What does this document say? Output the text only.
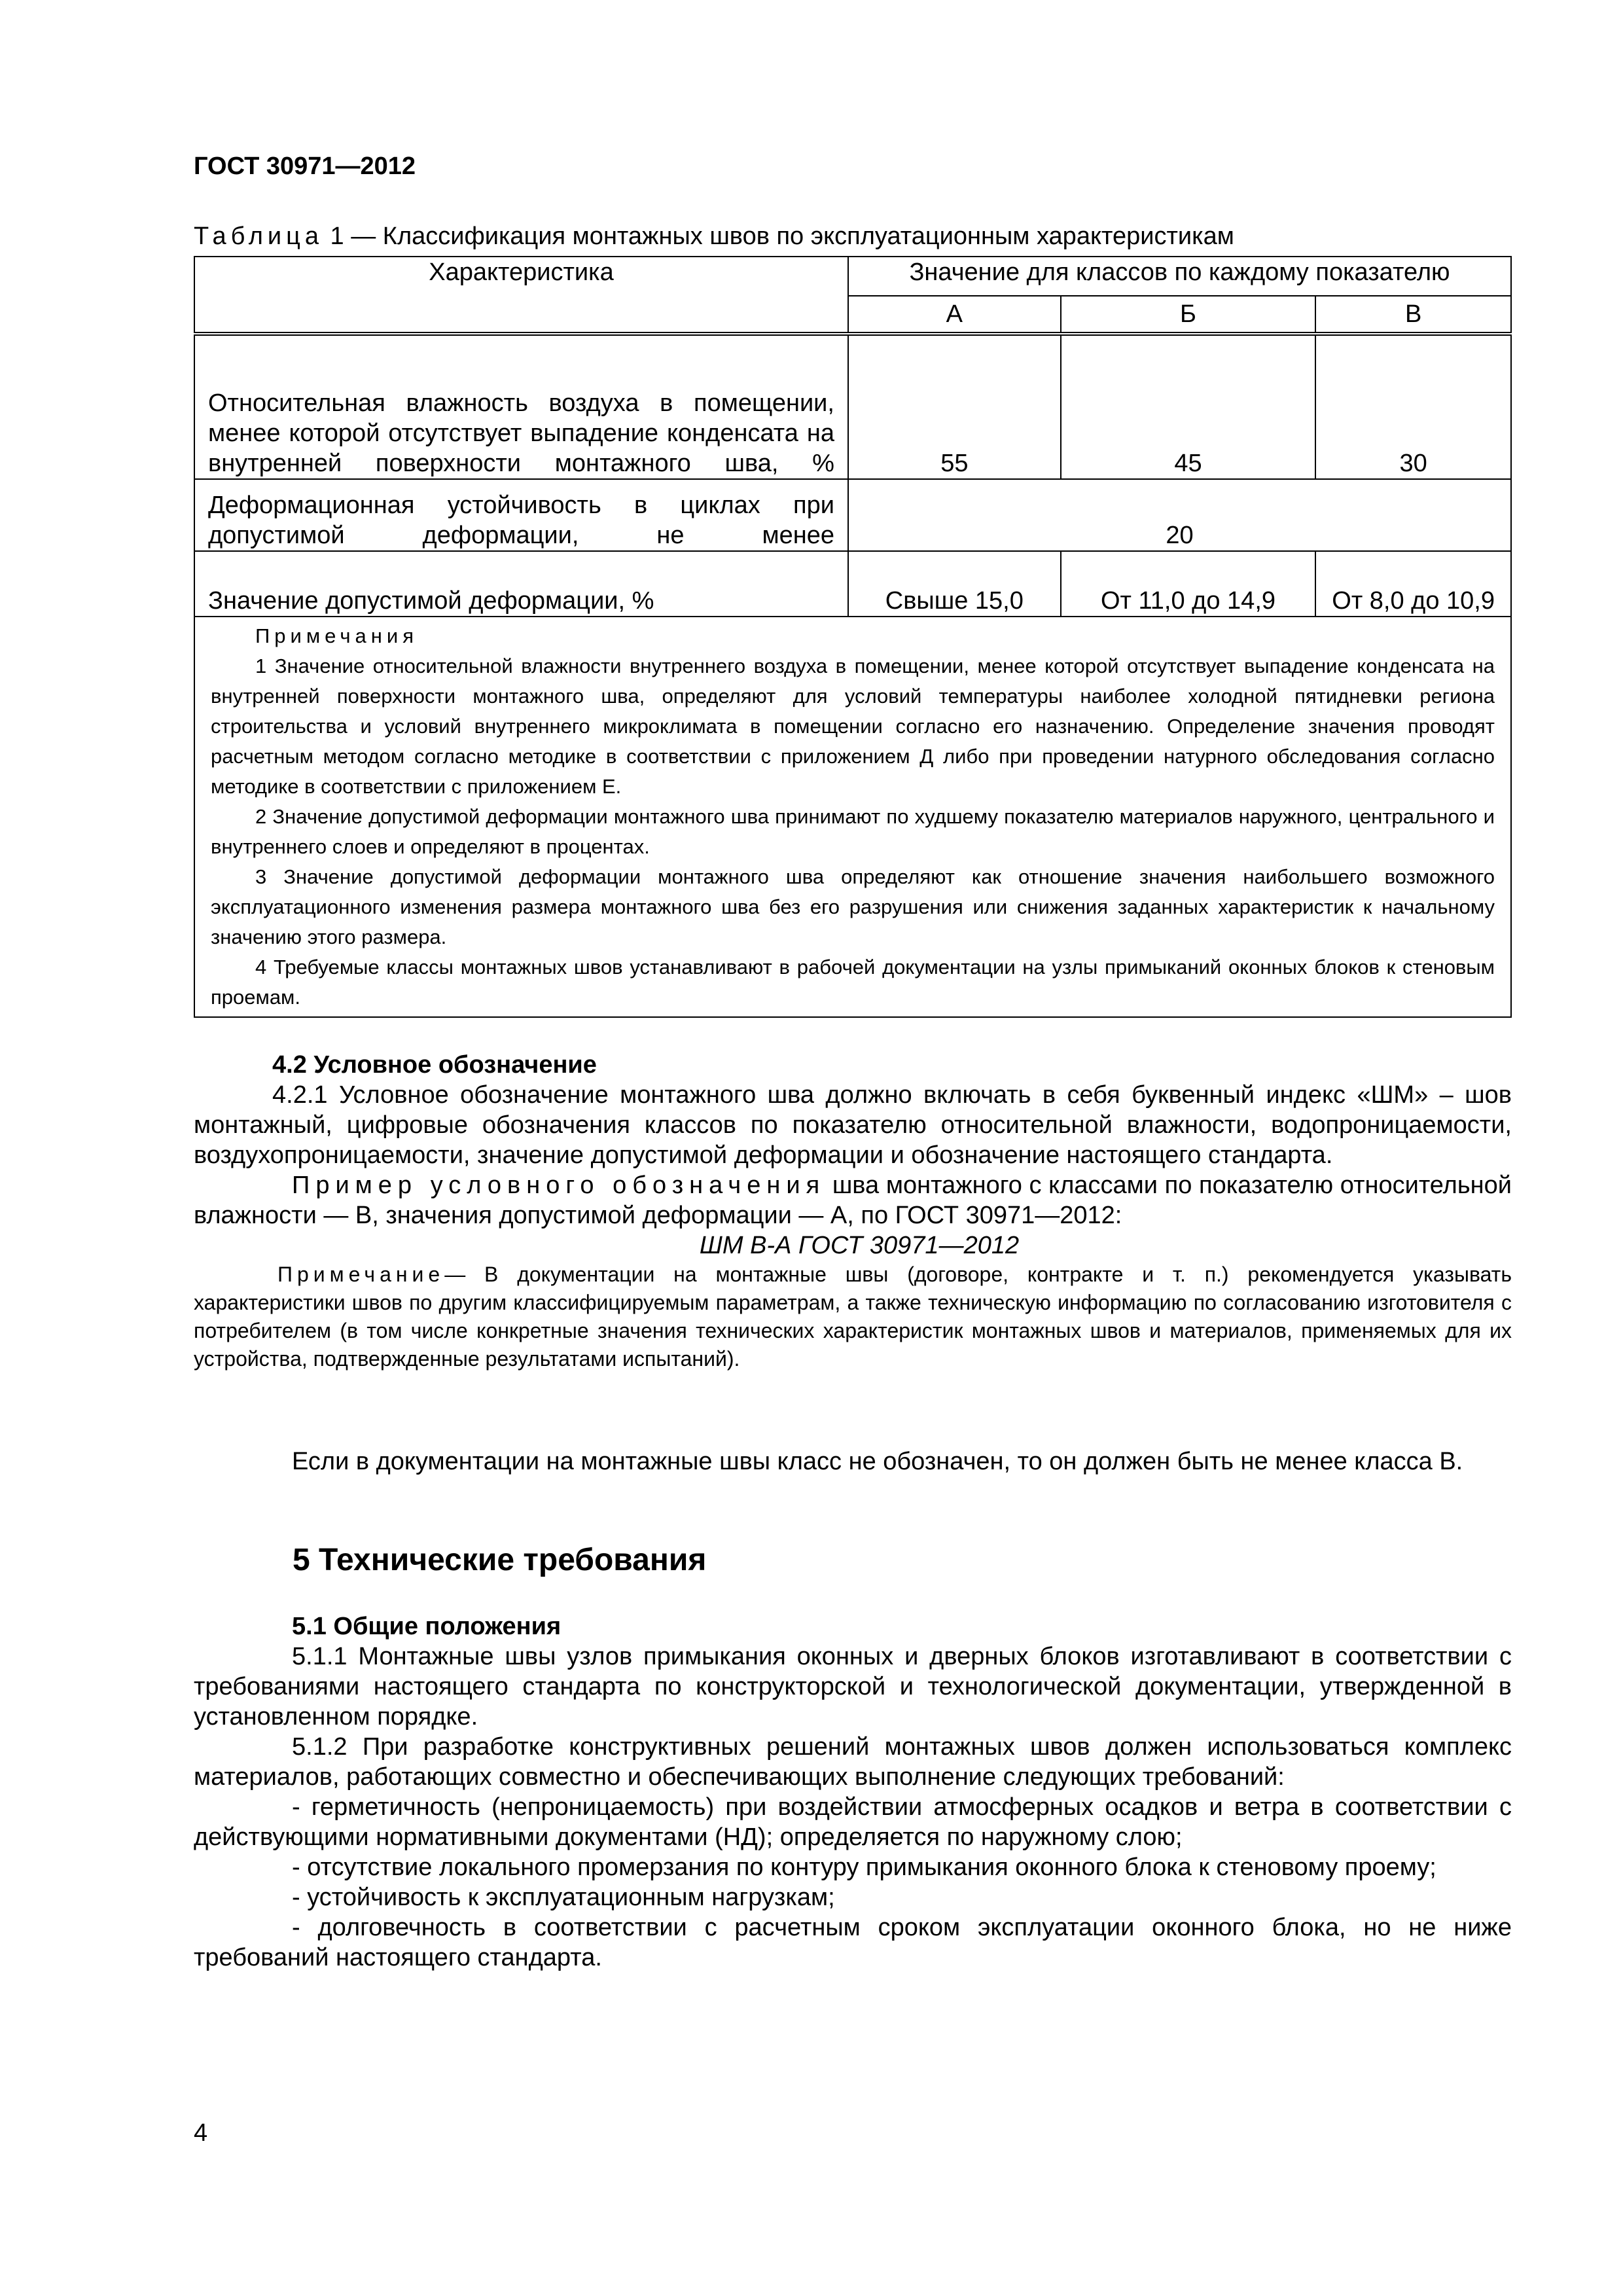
ГОСТ 30971—2012
Таблица 1 — Классификация монтажных швов по эксплуатационным характеристикам
Характеристика	Значение для классов по каждому показателю		
	А	Б	В
Относительная влажность воздуха в помещении, менее которой отсутствует выпадение конденсата на внутренней поверхности монтажного шва, %	55	45	30
Деформационная устойчивость в циклах при допустимой деформации, не менее	20		
Значение допустимой деформации, %	Свыше 15,0	От 11,0 до 14,9	От 8,0 до 10,9

Примечания

1 Значение относительной влажности внутреннего воздуха в помещении, менее которой отсутствует выпадение конденсата на внутренней поверхности монтажного шва, определяют для условий температуры наиболее холодной пятидневки региона строительства и условий внутреннего микроклимата в помещении согласно его назначению. Определение значения проводят расчетным методом согласно методике в соответствии с приложением Д либо при проведении натурного обследования согласно методике в соответствии с приложением Е.

2 Значение допустимой деформации монтажного шва принимают по худшему показателю материалов наружного, центрального и внутреннего слоев и определяют в процентах.

3 Значение допустимой деформации монтажного шва определяют как отношение значения наибольшего возможного эксплуатационного изменения размера монтажного шва без его разрушения или снижения заданных характеристик к начальному значению этого размера.

4 Требуемые классы монтажных швов устанавливают в рабочей документации на узлы примыканий оконных блоков к стеновым проемам.			

4.2 Условное обозначение

4.2.1 Условное обозначение монтажного шва должно включать в себя буквенный индекс «ШМ» – шов монтажный, цифровые обозначения классов по показателю относительной влажности, водопроницаемости, воздухопроницаемости, значение допустимой деформации и обозначение настоящего стандарта.

Пример условного обозначения шва монтажного с классами по показателю относительной влажности — В, значения допустимой деформации — А, по ГОСТ 30971—2012:

ШМ В-А ГОСТ 30971—2012

Примечание— В документации на монтажные швы (договоре, контракте и т. п.) рекомендуется указывать характеристики швов по другим классифицируемым параметрам, а также техническую информацию по согласованию изготовителя с потребителем (в том числе конкретные значения технических характеристик монтажных швов и материалов, применяемых для их устройства, подтвержденные результатами испытаний).

Если в документации на монтажные швы класс не обозначен, то он должен быть не менее класса В.

5 Технические требования

5.1 Общие положения

5.1.1 Монтажные швы узлов примыкания оконных и дверных блоков изготавливают в соответствии с требованиями настоящего стандарта по конструкторской и технологической документации, утвержденной в установленном порядке.

5.1.2 При разработке конструктивных решений монтажных швов должен использоваться комплекс материалов, работающих совместно и обеспечивающих выполнение следующих требований:

- герметичность (непроницаемость) при воздействии атмосферных осадков и ветра в соответствии с действующими нормативными документами (НД); определяется по наружному слою;

- отсутствие локального промерзания по контуру примыкания оконного блока к стеновому проему;

- устойчивость к эксплуатационным нагрузкам;

- долговечность в соответствии с расчетным сроком эксплуатации оконного блока, но не ниже требований настоящего стандарта.

4
